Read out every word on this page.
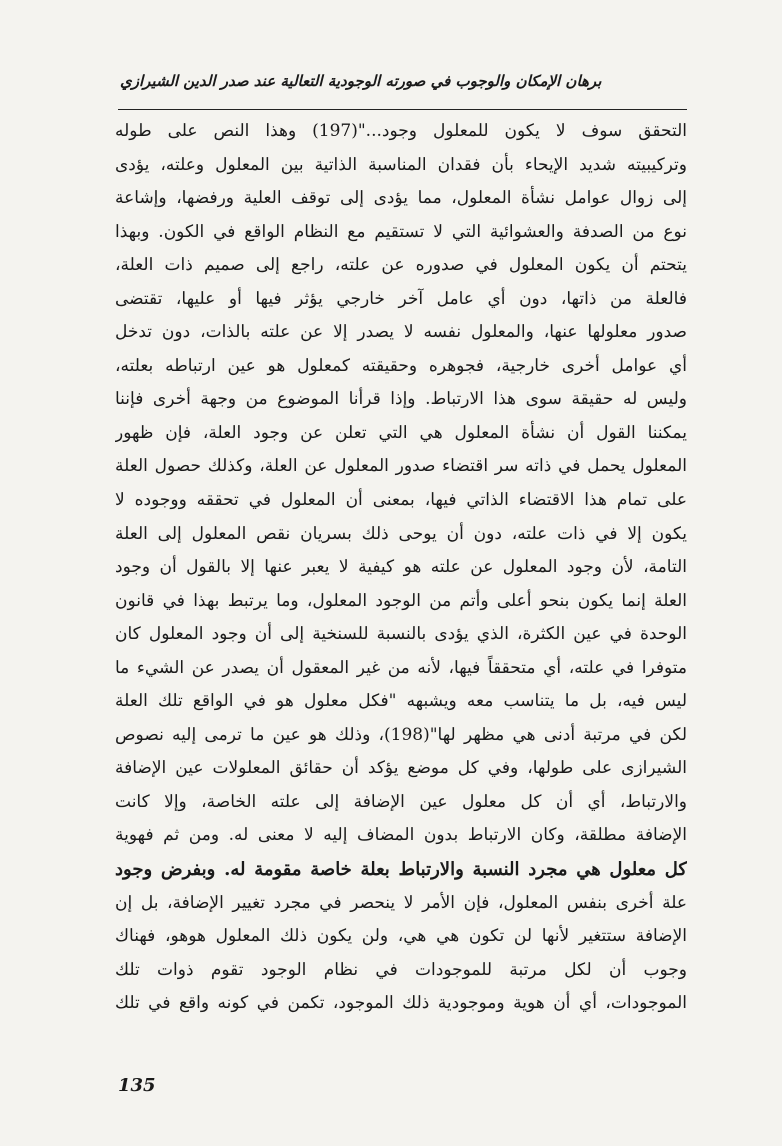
برهان الإمكان والوجوب في صورته الوجودية التعالية عند صدر الدين الشيرازي
التحقق سوف لا يكون للمعلول وجود..."(197) وهذا النص على طوله
وتركيبيته شديد الإيحاء بأن فقدان المناسبة الذاتية بين المعلول وعلته، يؤدى
إلى زوال عوامل نشأة المعلول، مما يؤدى إلى توقف العلية ورفضها، وإشاعة
نوع من الصدفة والعشوائية التي لا تستقيم مع النظام الواقع في الكون. وبهذا
يتحتم أن يكون المعلول في صدوره عن علته، راجع إلى صميم ذات العلة،
فالعلة من ذاتها، دون أي عامل آخر خارجي يؤثر فيها أو عليها، تقتضى
صدور معلولها عنها، والمعلول نفسه لا يصدر إلا عن علته بالذات، دون تدخل
أي عوامل أخرى خارجية، فجوهره وحقيقته كمعلول هو عين ارتباطه بعلته،
وليس له حقيقة سوى هذا الارتباط. وإذا قرأنا الموضوع من وجهة أخرى فإننا
يمكننا القول أن نشأة المعلول هي التي تعلن عن وجود العلة، فإن ظهور
المعلول يحمل في ذاته سر اقتضاء صدور المعلول عن العلة، وكذلك حصول العلة
على تمام هذا الاقتضاء الذاتي فيها، بمعنى أن المعلول في تحققه ووجوده لا
يكون إلا في ذات علته، دون أن يوحى ذلك بسريان نقص المعلول إلى العلة
التامة، لأن وجود المعلول عن علته هو كيفية لا يعبر عنها إلا بالقول أن وجود
العلة إنما يكون بنحو أعلى وأتم من الوجود المعلول، وما يرتبط بهذا في قانون
الوحدة في عين الكثرة، الذي يؤدى بالنسبة للسنخية إلى أن وجود المعلول كان
متوفرا في علته، أي متحققاً فيها، لأنه من غير المعقول أن يصدر عن الشيء ما
ليس فيه، بل ما يتناسب معه ويشبهه "فكل معلول هو في الواقع تلك العلة
لكن في مرتبة أدنى هي مظهر لها"(198)، وذلك هو عين ما ترمى إليه نصوص
الشيرازى على طولها، وفي كل موضع يؤكد أن حقائق المعلولات عين الإضافة
والارتباط، أي أن كل معلول عين الإضافة إلى علته الخاصة، وإلا كانت
الإضافة مطلقة، وكان الارتباط بدون المضاف إليه لا معنى له. ومن ثم فهوية
كل معلول هي مجرد النسبة والارتباط بعلة خاصة مقومة له. وبفرض وجود
علة أخرى بنفس المعلول، فإن الأمر لا ينحصر في مجرد تغيير الإضافة، بل إن
الإضافة ستتغير لأنها لن تكون هي هي، ولن يكون ذلك المعلول هوهو، فهناك
وجوب أن لكل مرتبة للموجودات في نظام الوجود تقوم ذوات تلك
الموجودات، أي أن هوية وموجودية ذلك الموجود، تكمن في كونه واقع في تلك
135
